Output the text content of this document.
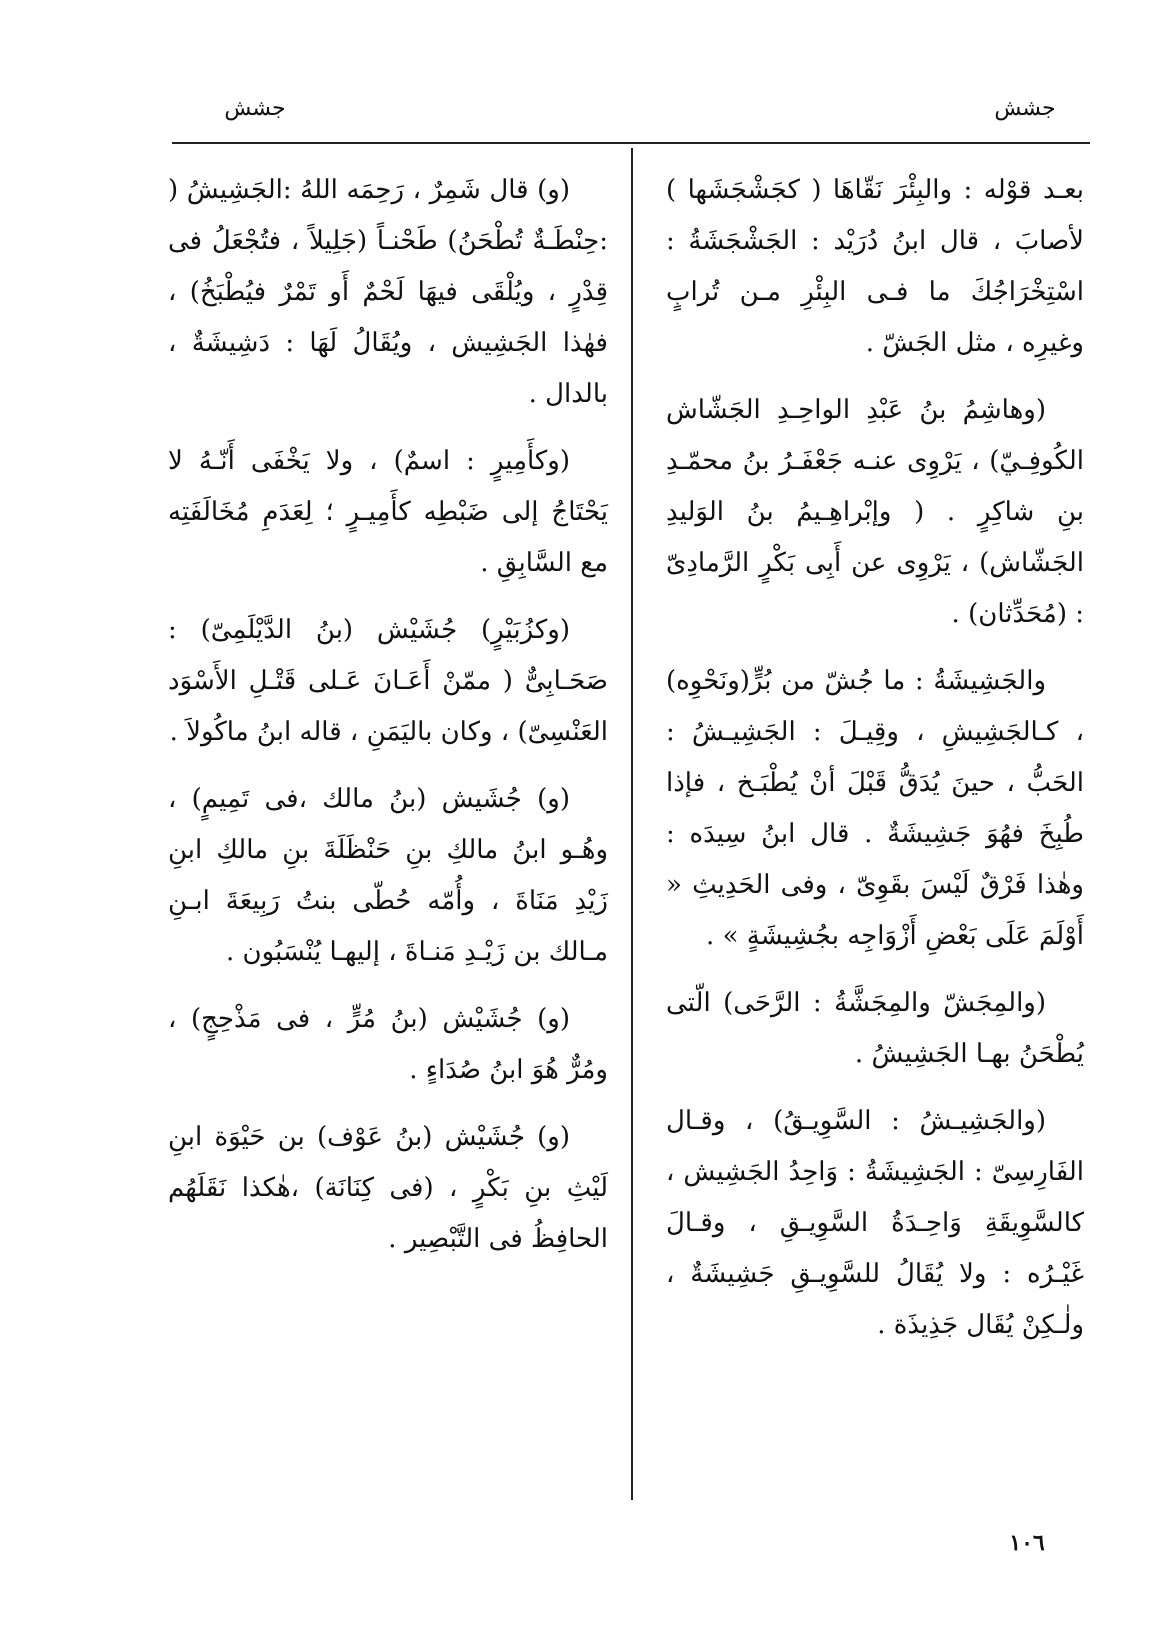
جشش
جشش

بعـد قوْله : والبِئْرَ نَقّاهَا ( كجَشْجَشَها ) لأصابَ ، قال ابنُ دُرَيْد : الجَشْجَشَةُ : اسْتِخْرَاجُكَ ما فـى البِئْرِ مـن تُرابٍ وغيرِه ، مثل الجَشّ .

(وهاشِمُ بنُ عَبْدِ الواحِـدِ الجَشّاش الكُوفِـيّ) ، يَرْوِى عنـه جَعْفَـرُ بنُ محمّـدِ بنِ شاكِرٍ . ( وإبْراهِـيمُ بنُ الوَليدِ الجَشّاش) ، يَرْوِى عن أَبِى بَكْرٍ الرَّمادِىّ : (مُحَدِّثان) .

والجَشِيشَةُ : ما جُشّ من بُرٍّ(ونَحْوِه) ، كـالجَشِيشِ ، وقِيـلَ : الجَشِيـشُ : الحَبُّ ، حينَ يُدَقُّ قَبْلَ أنْ يُطْبَـخ ، فإذا طُبِخَ فهُوَ جَشِيشَةٌ . قال ابنُ سِيدَه : وهٰذا فَرْقٌ لَيْسَ بقَوِىّ ، وفى الحَدِيثِ « أَوْلَمَ عَلَى بَعْضِ أَزْوَاجِه بجُشِيشَةٍ » .

(والمِجَشّ والمِجَشَّةُ : الرَّحَى) الّتى يُطْحَنُ بهـا الجَشِيشُ .

(والجَشِيـشُ : السَّوِيـقُ) ، وقـال الفَارِسِىّ : الجَشِيشَةُ : وَاحِدُ الجَشِيش ، كالسَّوِيقَةِ وَاحِـدَةُ السَّوِيـقِ ، وقـالَ غَيْـرُه : ولا يُقَالُ للسَّوِيـقِ جَشِيشَةٌ ، ولٰـكِنْ يُقَال جَذِيذَة .

(و) قال شَمِرٌ ، رَحِمَه اللهُ :الجَشِيشُ ( :حِنْطَـةٌ تُطْحَنُ) طَحْنـاً (جَلِيلاً ، فتُجْعَلُ فى قِدْرٍ ، ويُلْقَى فيهَا لَحْمٌ أَو تَمْرٌ فيُطْبَخُ) ، فهٰذا الجَشِيش ، ويُقَالُ لَهَا : دَشِيشَةٌ ، بالدال .

(وكأَمِيرٍ : اسمٌ) ، ولا يَخْفَى أَنّـهُ لا يَحْتَاجُ إلى ضَبْطِه كأَمِيـرٍ ؛ لِعَدَمِ مُخَالَفَتِه مع السَّابِقِ .

(وكزُبَيْرٍ) جُشَيْش (بنُ الدَّيْلَمِىّ) : صَحَـابِىٌّ ( ممّنْ أَعَـانَ عَـلى قَتْـلِ الأَسْوَد العَنْسِىّ) ، وكان باليَمَنِ ، قاله ابنُ ماكُولاَ .

(و) جُشَيش (بنُ مالك ،فى تَمِيمٍ) ، وهُـو ابنُ مالكِ بنِ حَنْظَلَةَ بنِ مالكِ ابنِ زَيْدِ مَنَاةَ ، وأُمّه حُطّى بنتُ رَبِيعَةَ ابـنِ مـالك بن زَيْـدِ مَنـاةَ ، إليهـا يُنْسَبُون .

(و) جُشَيْش (بنُ مُرٍّ ، فى مَذْحِجٍ) ، ومُرٌّ هُوَ ابنُ صُدَاءٍ .

(و) جُشَيْش (بنُ عَوْف) بن حَيْوَة ابنِ لَيْثِ بنِ بَكْرٍ ، (فى كِنَانَة) ،هٰكذا نَقَلَهُم الحافِظُ فى التَّبْصِير .

١٠٦
